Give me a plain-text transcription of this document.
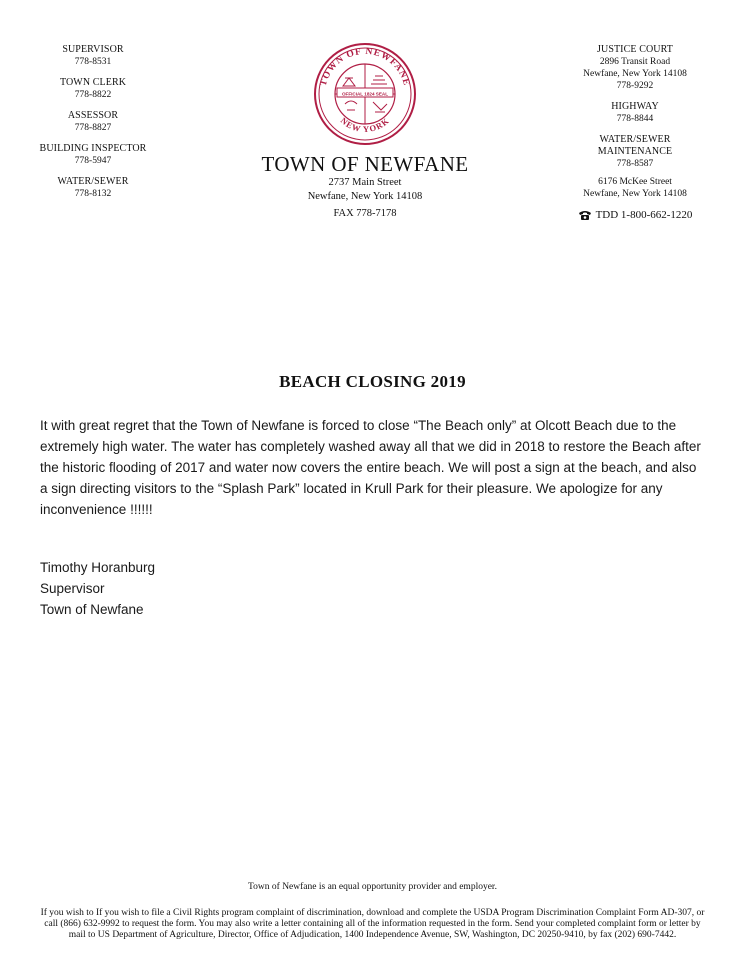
SUPERVISOR
778-8531
TOWN CLERK
778-8822
ASSESSOR
778-8827
BUILDING INSPECTOR
778-5947
WATER/SEWER
778-8132
TOWN OF NEWFANE
OFFICIAL 1824 SEAL
NEW YORK
TOWN OF NEWFANE
2737 Main Street
Newfane, New York 14108
FAX 778-7178
JUSTICE COURT
2896 Transit Road
Newfane, New York 14108
778-9292
HIGHWAY
778-8844
WATER/SEWER
MAINTENANCE
778-8587
6176 McKee Street
Newfane, New York 14108
TDD 1-800-662-1220
BEACH CLOSING 2019
It with great regret that the Town of Newfane is forced to close “The Beach only” at Olcott Beach due to the extremely high water. The water has completely washed away all that we did in 2018 to restore the Beach after the historic flooding of 2017 and water now covers the entire beach. We will post a sign at the beach, and also a sign directing visitors to the “Splash Park” located in Krull Park for their pleasure. We apologize for any inconvenience !!!!!!
Timothy Horanburg
Supervisor
Town of Newfane
Town of Newfane is an equal opportunity provider and employer.
If you wish to If you wish to file a Civil Rights program complaint of discrimination, download and complete the USDA Program Discrimination Complaint Form AD-307, or call (866) 632-9992 to request the form. You may also write a letter containing all of the information requested in the form. Send your completed complaint form or letter by mail to US Department of Agriculture, Director, Office of Adjudication, 1400 Independence Avenue, SW, Washington, DC 20250-9410, by fax (202) 690-7442.
